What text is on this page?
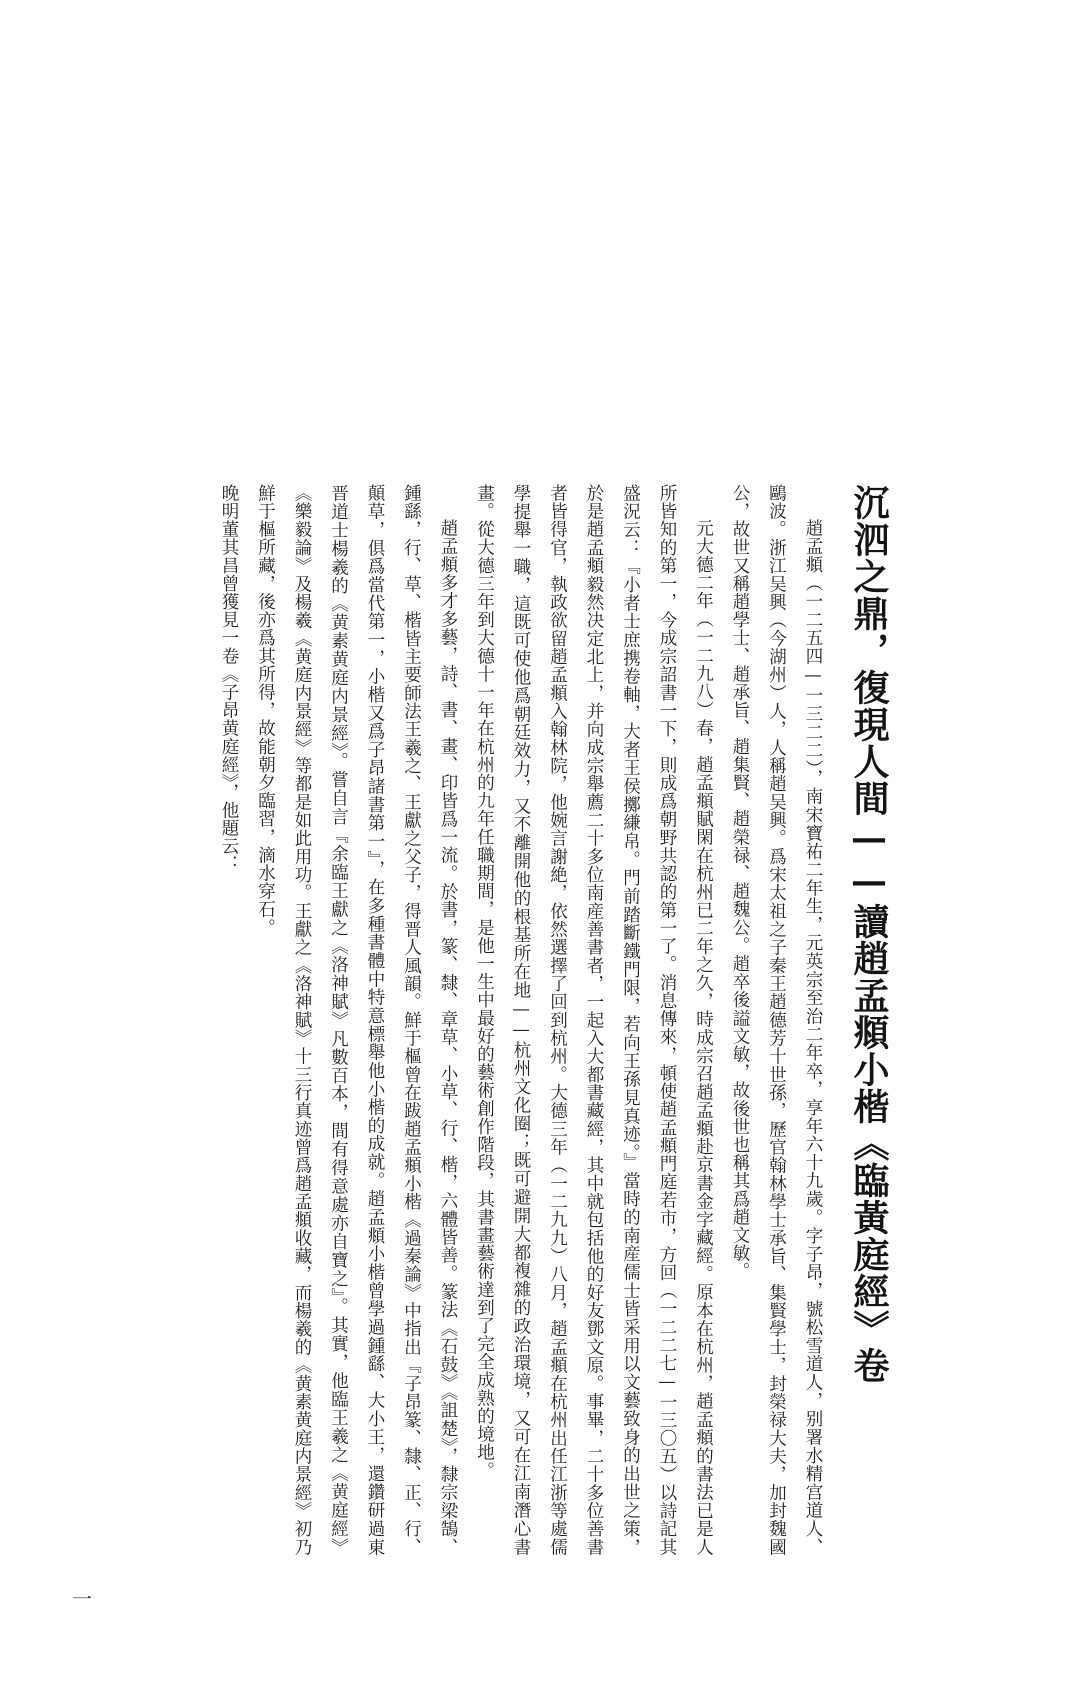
沉泗之鼎，復現人間——讀趙孟頫小楷《臨黃庭經》卷

趙孟頫（一二五四—一三二二），南宋寶祐二年生，元英宗至治二年卒，享年六十九歲。字子昂，號松雪道人，别署水精宫道人、鷗波。浙江吴興（今湖州）人，人稱趙吴興。爲宋太祖之子秦王趙德芳十世孫，歷官翰林學士承旨、集賢學士，封榮禄大夫，加封魏國公，故世又稱趙學士、趙承旨、趙集賢、趙榮禄、趙魏公。趙卒後謚文敏，故後世也稱其爲趙文敏。

元大德二年（一二九八）春，趙孟頫賦閑在杭州已二年之久，時成宗召趙孟頫赴京書金字藏經。原本在杭州，趙孟頫的書法已是人所皆知的第一，今成宗詔書一下，則成爲朝野共認的第一了。消息傳來，頓使趙孟頫門庭若市，方回（一二二七—一三〇五）以詩記其盛況云：『小者士庶携卷軸，大者王侯擲縑帛。門前踏斷鐵門限，若向王孫見真迹。』當時的南産儒士皆采用以文藝致身的出世之策，於是趙孟頫毅然决定北上，并向成宗舉薦二十多位南産善書者，一起入大都書藏經，其中就包括他的好友鄧文原。事畢，二十多位善書者皆得官，執政欲留趙孟頫入翰林院，他婉言謝絶，依然選擇了回到杭州。大德三年（一二九九）八月，趙孟頫在杭州出任江浙等處儒學提舉一職，這既可使他爲朝廷效力，又不離開他的根基所在地——杭州文化圈；既可避開大都複雜的政治環境，又可在江南潛心書畫。從大德三年到大德十一年在杭州的九年任職期間，是他一生中最好的藝術創作階段，其書畫藝術達到了完全成熟的境地。

趙孟頫多才多藝，詩、書、畫、印皆爲一流。於書，篆、隸、章草、小草、行、楷，六體皆善。篆法《石鼓》《詛楚》，隸宗梁鵠、鍾繇，行、草、楷皆主要師法王羲之、王獻之父子，得晋人風韻。鮮于樞曾在跋趙孟頫小楷《過秦論》中指出『子昂篆、隸、正、行、顛草，俱爲當代第一，小楷又爲子昂諸書第一』，在多種書體中特意標舉他小楷的成就。趙孟頫小楷曾學過鍾繇、大小王，還鑽研過東晋道士楊羲的《黄素黄庭内景經》。嘗自言『余臨王獻之《洛神賦》凡數百本，間有得意處亦自寶之』。其實，他臨王羲之《黄庭經》《樂毅論》及楊羲《黄庭内景經》等都是如此用功。王獻之《洛神賦》十三行真迹曾爲趙孟頫收藏，而楊羲的《黄素黄庭内景經》初乃鮮于樞所藏，後亦爲其所得，故能朝夕臨習，滴水穿石。

晚明董其昌曾獲見一卷《子昂黄庭經》，他題云：

一
